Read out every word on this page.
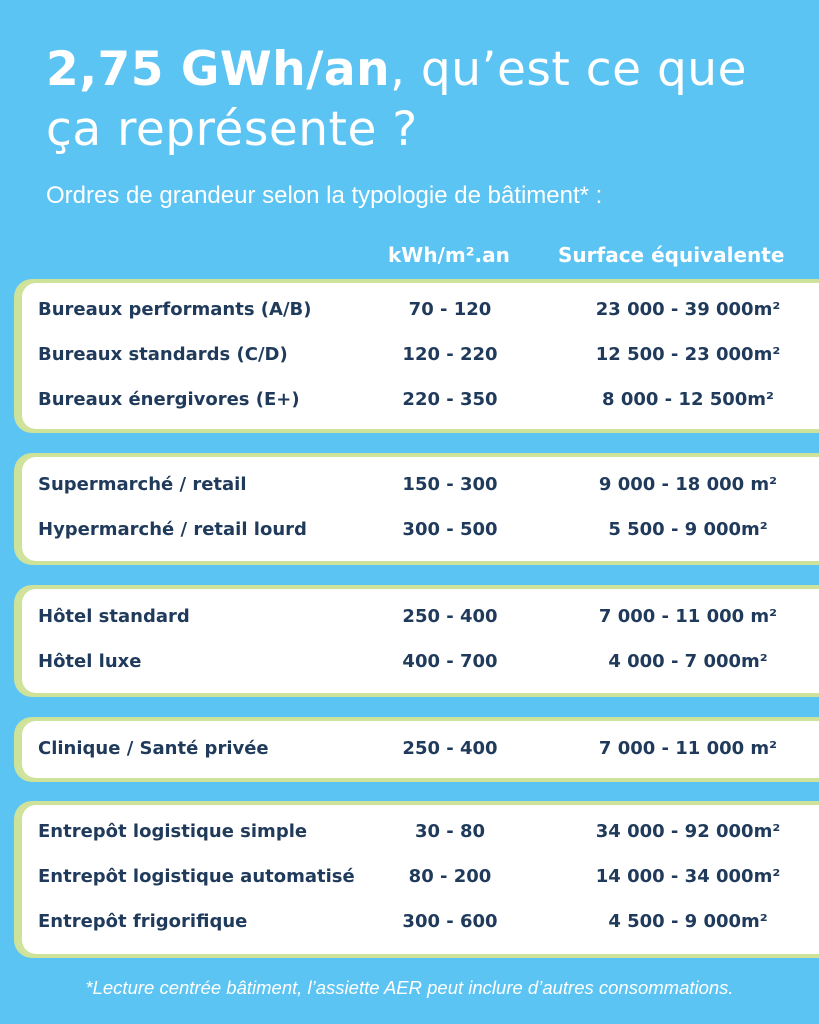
2,75 GWh/an, qu’est ce que ça représente ?
Ordres de grandeur selon la typologie de bâtiment* :
kWh/m².an Surface équivalente
Bureaux performants (A/B)	70 - 120	23 000 - 39 000m²
Bureaux standards (C/D)	120 - 220	12 500 - 23 000m²
Bureaux énergivores (E+)	220 - 350	8 000 - 12 500m²
Supermarché / retail	150 - 300	9 000 - 18 000 m²
Hypermarché / retail lourd	300 - 500	5 500 - 9 000m²
Hôtel standard	250 - 400	7 000 - 11 000 m²
Hôtel luxe	400 - 700	4 000 - 7 000m²
Clinique / Santé privée	250 - 400	7 000 - 11 000 m²
Entrepôt logistique simple	30 - 80	34 000 - 92 000m²
Entrepôt logistique automatisé	80 - 200	14 000 - 34 000m²
Entrepôt frigorifique	300 - 600	4 500 - 9 000m²
*Lecture centrée bâtiment, l’assiette AER peut inclure d’autres consommations.
